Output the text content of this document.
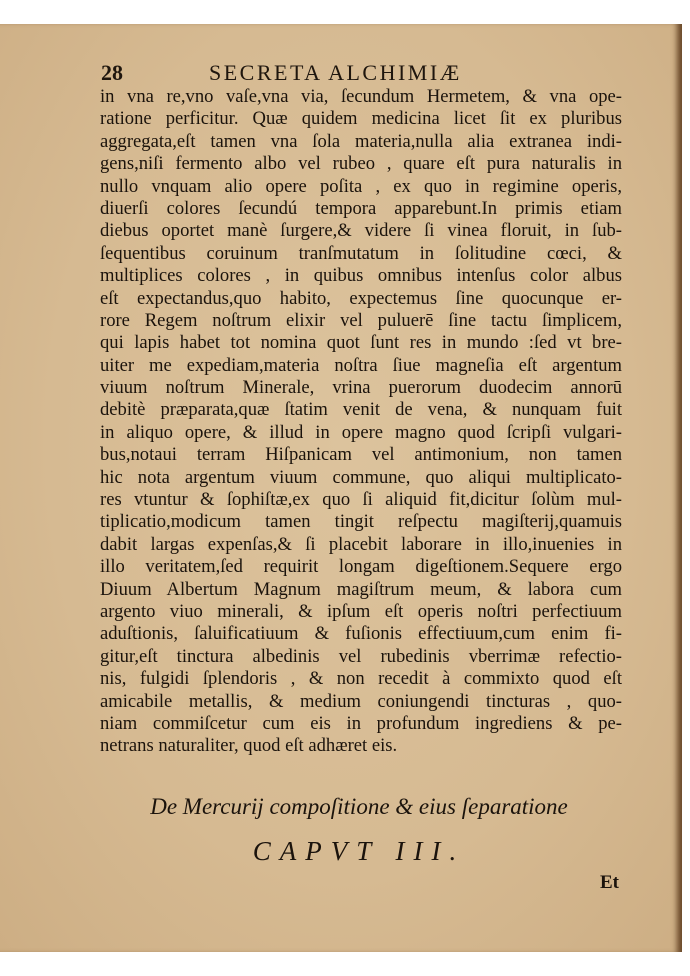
28	SECRETA ALCHIMIÆ
in vna re,vno vaſe,vna via, ſecundum Hermetem, & vna ope-
ratione perficitur. Quæ quidem medicina licet ſit ex pluribus
aggregata,eſt tamen vna ſola materia,nulla alia extranea indi-
gens,niſi fermento albo vel rubeo , quare eſt pura naturalis in
nullo vnquam alio opere poſita , ex quo in regimine operis,
diuerſi colores ſecundú tempora apparebunt.In primis etiam
diebus oportet manè ſurgere,& videre ſi vinea floruit, in ſub-
ſequentibus coruinum tranſmutatum in ſolitudine cœci, &
multiplices colores , in quibus omnibus intenſus color albus
eſt expectandus,quo habito, expectemus ſine quocunque er-
rore Regem noſtrum elixir vel puluerē ſine tactu ſimplicem,
qui lapis habet tot nomina quot ſunt res in mundo :ſed vt bre-
uiter me expediam,materia noſtra ſiue magneſia eſt argentum
viuum noſtrum Minerale, vrina puerorum duodecim annorū
debitè præparata,quæ ſtatim venit de vena, & nunquam fuit
in aliquo opere, & illud in opere magno quod ſcripſi vulgari-
bus,notaui terram Hiſpanicam vel antimonium, non tamen
hic nota argentum viuum commune, quo aliqui multiplicato-
res vtuntur & ſophiſtæ,ex quo ſi aliquid fit,dicitur ſolùm mul-
tiplicatio,modicum tamen tingit reſpectu magiſterij,quamuis
dabit largas expenſas,& ſi placebit laborare in illo,inuenies in
illo veritatem,ſed requirit longam digeſtionem.Sequere ergo
Diuum Albertum Magnum magiſtrum meum, & labora cum
argento viuo minerali, & ipſum eſt operis noſtri perfectiuum
aduſtionis, ſaluificatiuum & fuſionis effectiuum,cum enim fi-
gitur,eſt tinctura albedinis vel rubedinis vberrimæ refectio-
nis, fulgidi ſplendoris , & non recedit à commixto quod eſt
amicabile metallis, & medium coniungendi tincturas , quo-
niam commiſcetur cum eis in profundum ingrediens & pe-
netrans naturaliter, quod eſt adhæret eis.
De Mercurij compoſitione & eius ſeparatione
CAPVT III.
Et
